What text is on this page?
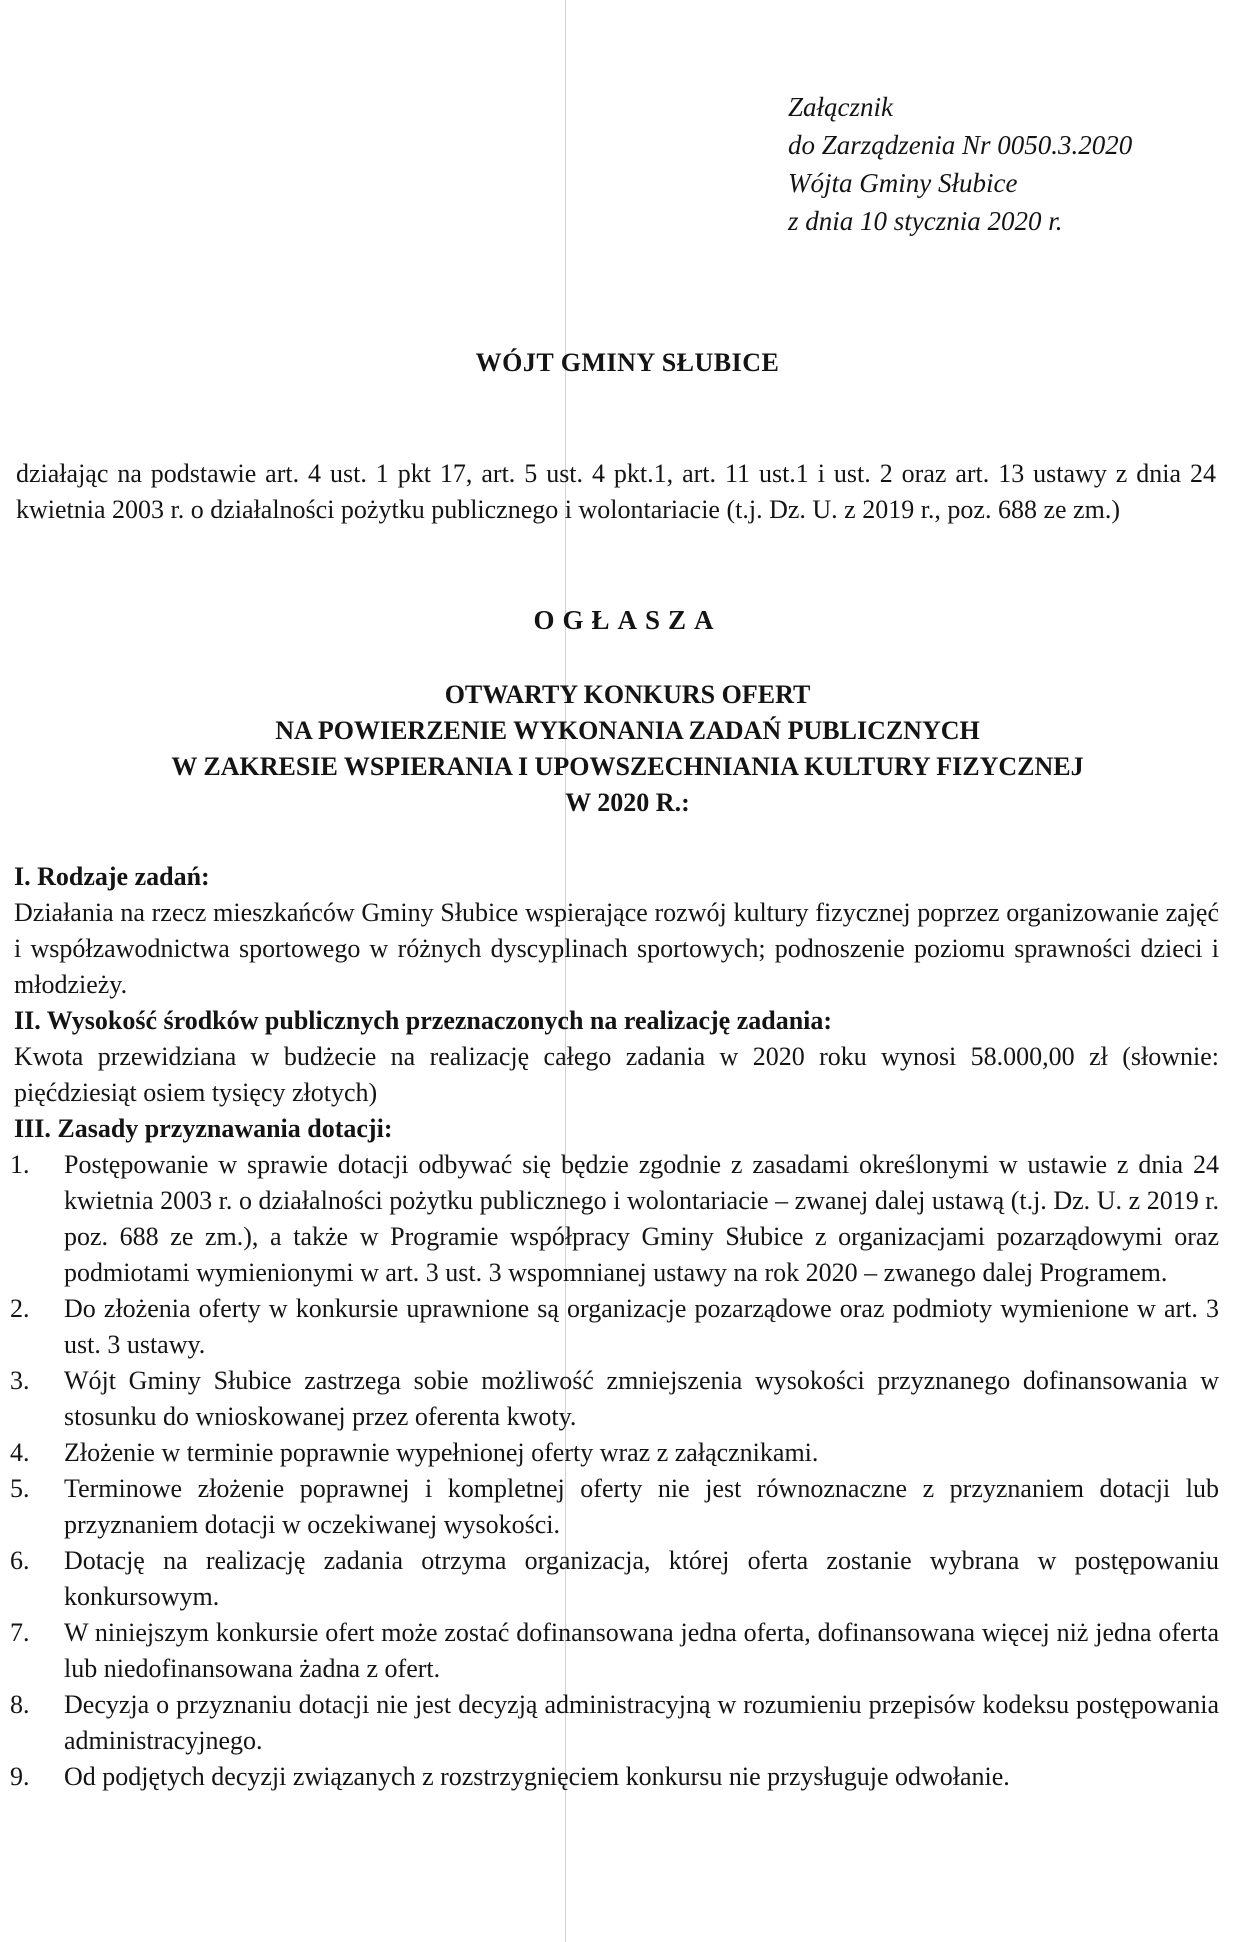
Załącznik
do Zarządzenia Nr 0050.3.2020
Wójta Gminy Słubice
z dnia 10 stycznia 2020 r.
WÓJT GMINY SŁUBICE
działając na podstawie art. 4 ust. 1 pkt 17, art. 5 ust. 4 pkt.1, art. 11 ust.1 i ust. 2 oraz art. 13 ustawy z dnia 24 kwietnia 2003 r. o działalności pożytku publicznego i wolontariacie (t.j. Dz. U. z 2019 r., poz. 688 ze zm.)
OGŁASZA
OTWARTY KONKURS OFERT
NA POWIERZENIE WYKONANIA ZADAŃ PUBLICZNYCH
W ZAKRESIE WSPIERANIA I UPOWSZECHNIANIA KULTURY FIZYCZNEJ
W 2020 R.:
I. Rodzaje zadań:
Działania na rzecz mieszkańców Gminy Słubice wspierające rozwój kultury fizycznej poprzez organizowanie zajęć i współzawodnictwa sportowego w różnych dyscyplinach sportowych; podnoszenie poziomu sprawności dzieci i młodzieży.
II. Wysokość środków publicznych przeznaczonych na realizację zadania:
Kwota przewidziana w budżecie na realizację całego zadania w 2020 roku wynosi 58.000,00 zł (słownie: pięćdziesiąt osiem tysięcy złotych)
III. Zasady przyznawania dotacji:
1. Postępowanie w sprawie dotacji odbywać się będzie zgodnie z zasadami określonymi w ustawie z dnia 24 kwietnia 2003 r. o działalności pożytku publicznego i wolontariacie – zwanej dalej ustawą (t.j. Dz. U. z 2019 r. poz. 688 ze zm.), a także w Programie współpracy Gminy Słubice z organizacjami pozarządowymi oraz podmiotami wymienionymi w art. 3 ust. 3 wspomnianej ustawy na rok 2020 – zwanego dalej Programem.
2. Do złożenia oferty w konkursie uprawnione są organizacje pozarządowe oraz podmioty wymienione w art. 3 ust. 3 ustawy.
3. Wójt Gminy Słubice zastrzega sobie możliwość zmniejszenia wysokości przyznanego dofinansowania w stosunku do wnioskowanej przez oferenta kwoty.
4. Złożenie w terminie poprawnie wypełnionej oferty wraz z załącznikami.
5. Terminowe złożenie poprawnej i kompletnej oferty nie jest równoznaczne z przyznaniem dotacji lub przyznaniem dotacji w oczekiwanej wysokości.
6. Dotację na realizację zadania otrzyma organizacja, której oferta zostanie wybrana w postępowaniu konkursowym.
7. W niniejszym konkursie ofert może zostać dofinansowana jedna oferta, dofinansowana więcej niż jedna oferta lub niedofinansowana żadna z ofert.
8. Decyzja o przyznaniu dotacji nie jest decyzją administracyjną w rozumieniu przepisów kodeksu postępowania administracyjnego.
9. Od podjętych decyzji związanych z rozstrzygnięciem konkursu nie przysługuje odwołanie.
